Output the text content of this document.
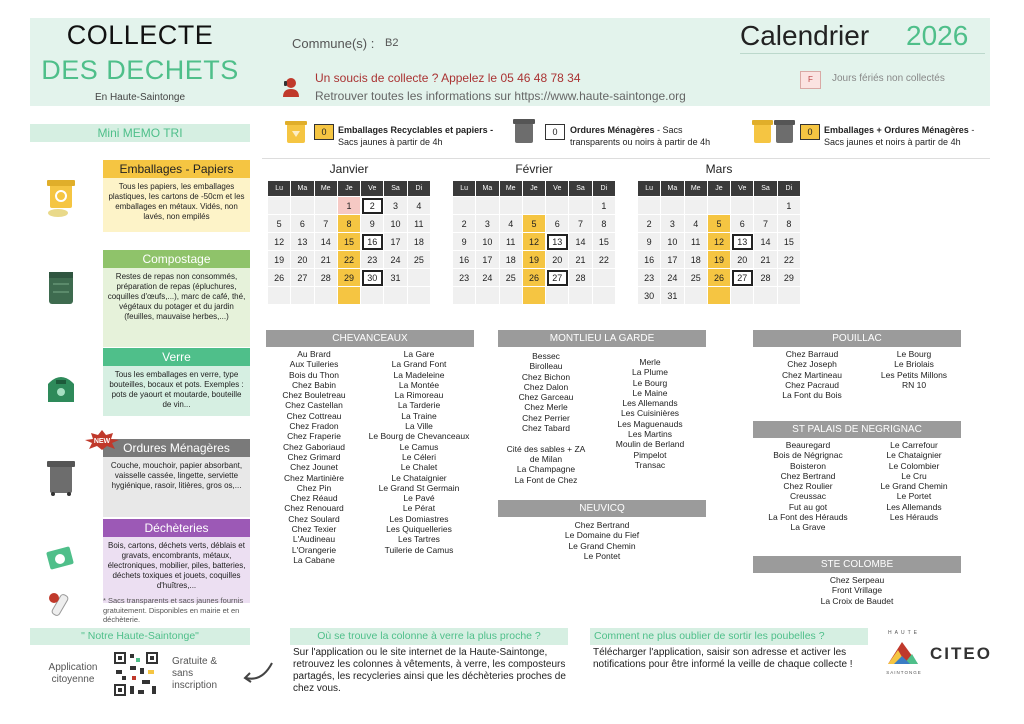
COLLECTE
DES DECHETS
En Haute-Saintonge
Commune(s) : B2
Un soucis de collecte ? Appelez le 05 46 48 78 34
Retrouver toutes les informations sur https://www.haute-saintonge.org
Calendrier 2026
F	Jours fériés non collectés
Mini MEMO TRI
Emballages - Papiers
Tous les papiers, les emballages plastiques, les cartons de -50cm et les emballages en métaux. Vidés, non lavés, non empilés
Compostage
Restes de repas non consommés, préparation de repas (épluchures, coquilles d'œufs,...), marc de café, thé, végétaux du potager et du jardin (feuilles, mauvaise herbes,...)
Verre
Tous les emballages en verre, type bouteilles, bocaux et pots. Exemples : pots de yaourt et moutarde, bouteille de vin...
Ordures Ménagères
Couche, mouchoir, papier absorbant, vaisselle cassée, lingette, serviette hygiénique, rasoir, litières, gros os,...
Déchèteries
Bois, cartons, déchets verts, déblais et gravats, encombrants, métaux, électroniques, mobilier, piles, batteries, déchets toxiques et jouets, coquilles d'huîtres,...
NEW
* Sacs transparents et sacs jaunes fournis gratuitement. Disponibles en mairie et en déchèterie.
0	Emballages Recyclables et papiers -
Sacs jaunes à partir de 4h
0	Ordures Ménagères - Sacs
transparents ou noirs à partir de 4h
0	Emballages + Ordures Ménagères -
Sacs jaunes et noirs à partir de 4h
Janvier
Lu	Ma	Me	Je	Ve	Sa	Di
			1	2	3	4
5	6	7	8	9	10	11
12	13	14	15	16	17	18
19	20	21	22	23	24	25
26	27	28	29	30	31	

Février
Lu	Ma	Me	Je	Ve	Sa	Di
						1
2	3	4	5	6	7	8
9	10	11	12	13	14	15
16	17	18	19	20	21	22
23	24	25	26	27	28	

Mars
Lu	Ma	Me	Je	Ve	Sa	Di
						1
2	3	4	5	6	7	8
9	10	11	12	13	14	15
16	17	18	19	20	21	22
23	24	25	26	27	28	29
30	31					
CHEVANCEAUX
Au Brard
Aux Tuileries
Bois du Thon
Chez Babin
Chez Bouletreau
Chez Castellan
Chez Cottreau
Chez Fradon
Chez Fraperie
Chez Gaboriaud
Chez Grimard
Chez Jounet
Chez Martinière
Chez Pin
Chez Réaud
Chez Renouard
Chez Soulard
Chez Texier
L'Audineau
L'Orangerie
La Cabane
La Gare
La Grand Font
La Madeleine
La Montée
La Rimoreau
La Tarderie
La Traine
La Ville
Le Bourg de Chevanceaux
Le Camus
Le Céleri
Le Chalet
Le Chataignier
Le Grand St Germain
Le Pavé
Le Pérat
Les Domiastres
Les Quiquelleries
Les Tartres
Tuilerie de Camus
MONTLIEU LA GARDE
Bessec
Birolleau
Chez Bichon
Chez Dalon
Chez Garceau
Chez Merle
Chez Perrier
Chez Tabard

Cité des sables + ZA
de Milan
La Champagne
La Font de Chez
Merle
La Plume
Le Bourg
Le Maine
Les Allemands
Les Cuisinières
Les Maguenauds
Les Martins
Moulin de Berland
Pimpelot
Transac
NEUVICQ
Chez Bertrand
Le Domaine du Fief
Le Grand Chemin
Le Pontet
POUILLAC
Chez Barraud
Chez Joseph
Chez Martineau
Chez Pacraud
La Font du Bois
Le Bourg
Le Briolais
Les Petits Millons
RN 10
ST PALAIS DE NEGRIGNAC
Beauregard
Bois de Négrignac
Boisteron
Chez Bertrand
Chez Roulier
Creussac
Fut au got
La Font des Hérauds
La Grave
Le Carrefour
Le Chataignier
Le Colombier
Le Cru
Le Grand Chemin
Le Portet
Les Allemands
Les Hérauds
STE COLOMBE
Chez Serpeau
Front Vrillage
La Croix de Baudet
" Notre Haute-Saintonge"
Application citoyenne
Gratuite & sans inscription
Où se trouve la colonne à verre la plus proche ?
Sur l'application ou le site internet de la Haute-Saintonge, retrouvez les colonnes à vêtements, à verre, les composteurs partagés, les recycleries ainsi que les déchèteries proches de chez vous.
Comment ne plus oublier de sortir les poubelles ?
Télécharger l'application, saisir son adresse et activer les notifications pour être informé la veille de chaque collecte !
HAUTE
SAINTONGE
CITEO
